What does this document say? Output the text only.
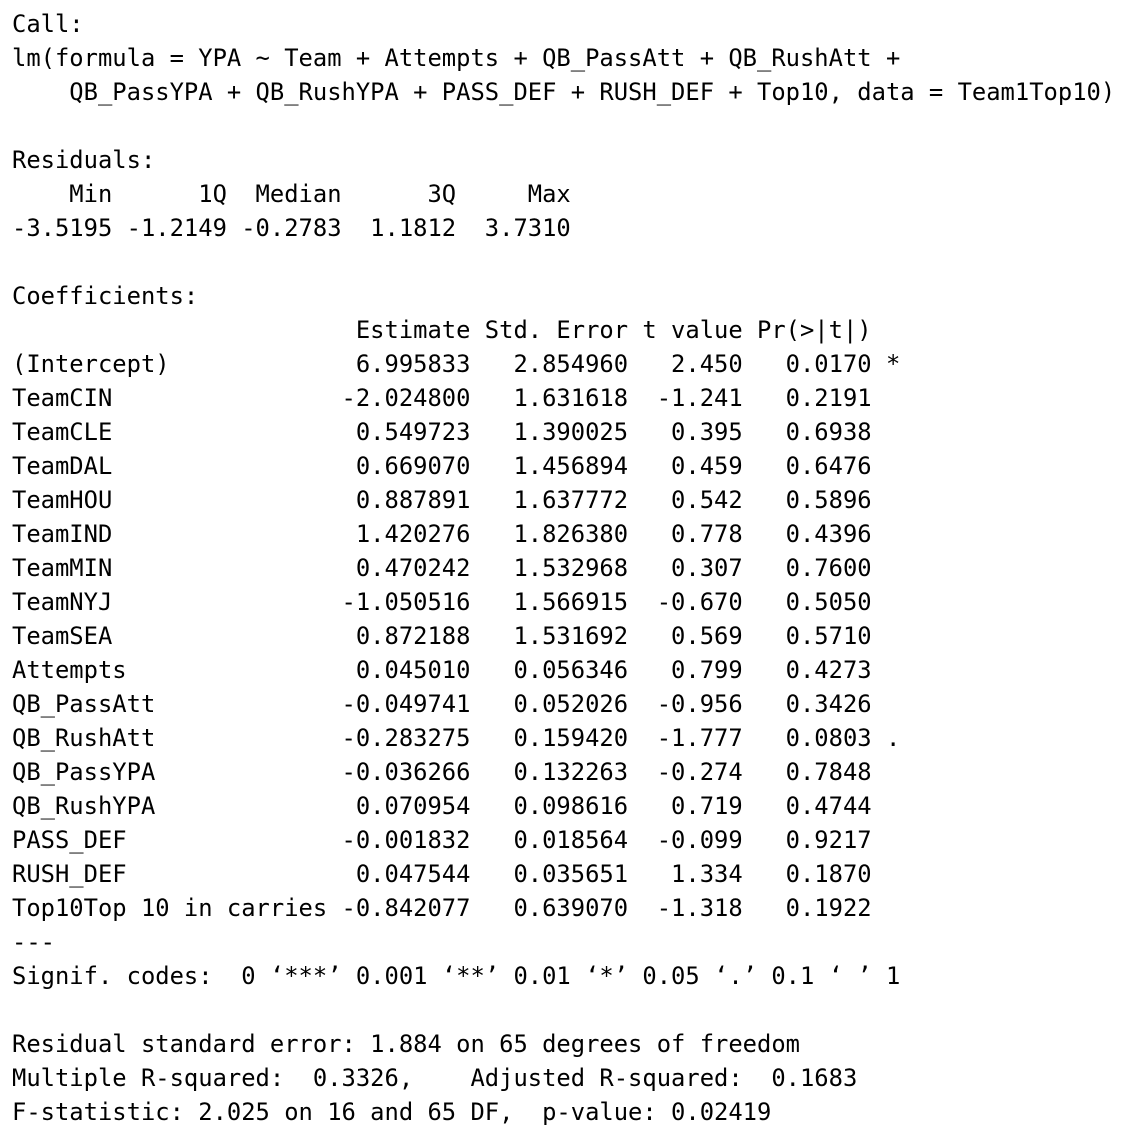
Call:
lm(formula = YPA ~ Team + Attempts + QB_PassAtt + QB_RushAtt +
QB_PassYPA + QB_RushYPA + PASS_DEF + RUSH_DEF + Top10, data = Team1Top10)
Residuals:
Min      1Q  Median      3Q     Max
-3.5195 -1.2149 -0.2783  1.1812  3.7310
Coefficients:
Estimate Std. Error t value Pr(>|t|)
(Intercept)             6.995833   2.854960   2.450   0.0170 *
TeamCIN                -2.024800   1.631618  -1.241   0.2191
TeamCLE                 0.549723   1.390025   0.395   0.6938
TeamDAL                 0.669070   1.456894   0.459   0.6476
TeamHOU                 0.887891   1.637772   0.542   0.5896
TeamIND                 1.420276   1.826380   0.778   0.4396
TeamMIN                 0.470242   1.532968   0.307   0.7600
TeamNYJ                -1.050516   1.566915  -0.670   0.5050
TeamSEA                 0.872188   1.531692   0.569   0.5710
Attempts                0.045010   0.056346   0.799   0.4273
QB_PassAtt             -0.049741   0.052026  -0.956   0.3426
QB_RushAtt             -0.283275   0.159420  -1.777   0.0803 .
QB_PassYPA             -0.036266   0.132263  -0.274   0.7848
QB_RushYPA              0.070954   0.098616   0.719   0.4744
PASS_DEF               -0.001832   0.018564  -0.099   0.9217
RUSH_DEF                0.047544   0.035651   1.334   0.1870
Top10Top 10 in carries -0.842077   0.639070  -1.318   0.1922
---
Signif. codes:  0 ‘***’ 0.001 ‘**’ 0.01 ‘*’ 0.05 ‘.’ 0.1 ‘ ’ 1
Residual standard error: 1.884 on 65 degrees of freedom
Multiple R-squared:  0.3326,    Adjusted R-squared:  0.1683
F-statistic: 2.025 on 16 and 65 DF,  p-value: 0.02419
